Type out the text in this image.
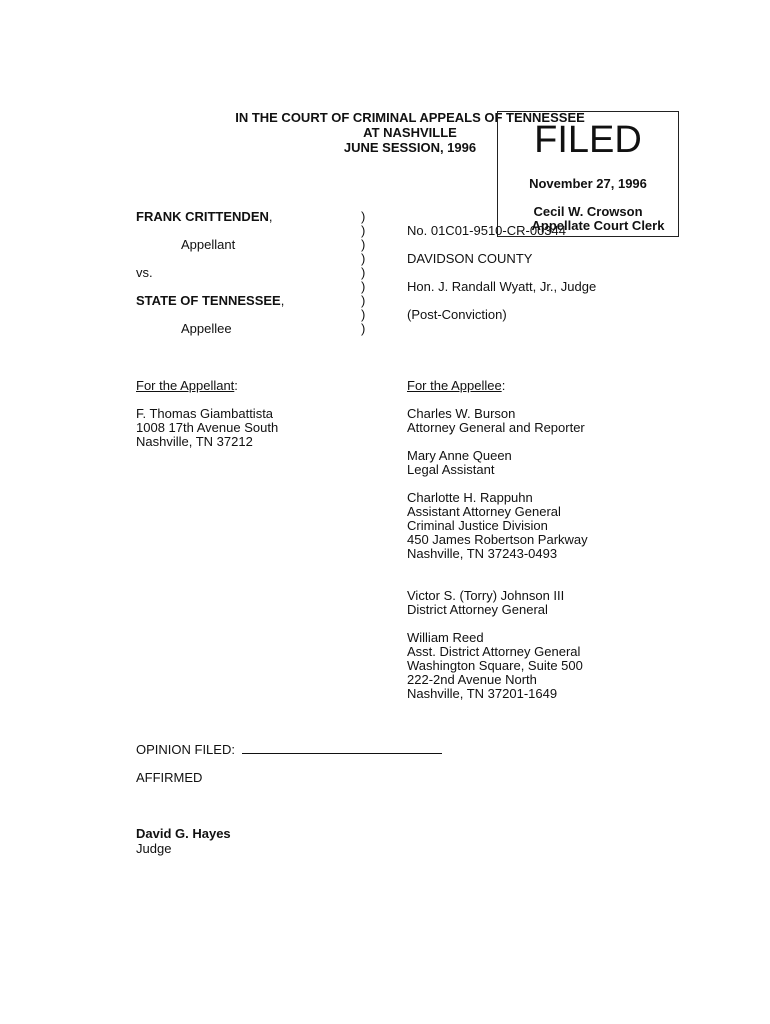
IN THE COURT OF CRIMINAL APPEALS OF TENNESSEE
AT NASHVILLE
JUNE SESSION, 1996	FILED
November 27, 1996
Cecil W. Crowson
Appellate Court Clerk
FRANK CRITTENDEN,
Appellant
vs.
STATE OF TENNESSEE,
Appellee
)
)
)
)
)
)
)
)
)
No. 01C01-9510-CR-00344
DAVIDSON COUNTY
Hon. J. Randall Wyatt, Jr., Judge
(Post-Conviction)
For the Appellant:
F. Thomas Giambattista
1008 17th Avenue South
Nashville, TN 37212
For the Appellee:
Charles W. Burson
Attorney General and Reporter
Mary Anne Queen
Legal Assistant
Charlotte H. Rappuhn
Assistant Attorney General
Criminal Justice Division
450 James Robertson Parkway
Nashville, TN 37243-0493
Victor S. (Torry) Johnson III
District Attorney General
William Reed
Asst. District Attorney General
Washington Square, Suite 500
222-2nd Avenue North
Nashville, TN 37201-1649
OPINION FILED:
AFFIRMED
David G. Hayes
Judge
